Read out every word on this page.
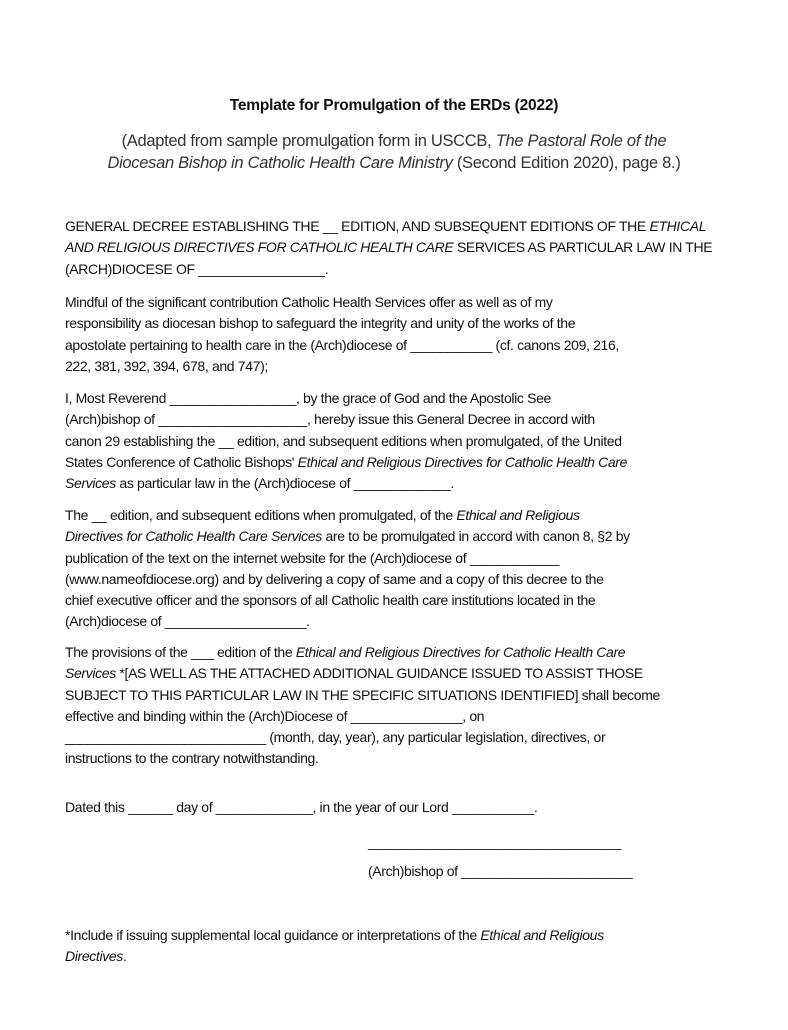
Template for Promulgation of the ERDs (2022)
(Adapted from sample promulgation form in USCCB, The Pastoral Role of the
Diocesan Bishop in Catholic Health Care Ministry (Second Edition 2020), page 8.)
GENERAL DECREE ESTABLISHING THE __ EDITION, AND SUBSEQUENT EDITIONS OF THE ETHICAL
AND RELIGIOUS DIRECTIVES FOR CATHOLIC HEALTH CARE SERVICES AS PARTICULAR LAW IN THE
(ARCH)DIOCESE OF _________________.
Mindful of the significant contribution Catholic Health Services offer as well as of my
responsibility as diocesan bishop to safeguard the integrity and unity of the works of the
apostolate pertaining to health care in the (Arch)diocese of ___________ (cf. canons 209, 216,
222, 381, 392, 394, 678, and 747);
I, Most Reverend _________________, by the grace of God and the Apostolic See
(Arch)bishop of ____________________, hereby issue this General Decree in accord with
canon 29 establishing the __ edition, and subsequent editions when promulgated, of the United
States Conference of Catholic Bishops' Ethical and Religious Directives for Catholic Health Care
Services as particular law in the (Arch)diocese of _____________.
The __ edition, and subsequent editions when promulgated, of the Ethical and Religious
Directives for Catholic Health Care Services are to be promulgated in accord with canon 8, §2 by
publication of the text on the internet website for the (Arch)diocese of ____________
(www.nameofdiocese.org) and by delivering a copy of same and a copy of this decree to the
chief executive officer and the sponsors of all Catholic health care institutions located in the
(Arch)diocese of ___________________.
The provisions of the ___ edition of the Ethical and Religious Directives for Catholic Health Care
Services *[AS WELL AS THE ATTACHED ADDITIONAL GUIDANCE ISSUED TO ASSIST THOSE
SUBJECT TO THIS PARTICULAR LAW IN THE SPECIFIC SITUATIONS IDENTIFIED] shall become
effective and binding within the (Arch)Diocese of _______________, on
___________________________ (month, day, year), any particular legislation, directives, or
instructions to the contrary notwithstanding.
Dated this ______ day of _____________, in the year of our Lord ___________.
__________________________________
(Arch)bishop of _______________________
*Include if issuing supplemental local guidance or interpretations of the Ethical and Religious
Directives.
